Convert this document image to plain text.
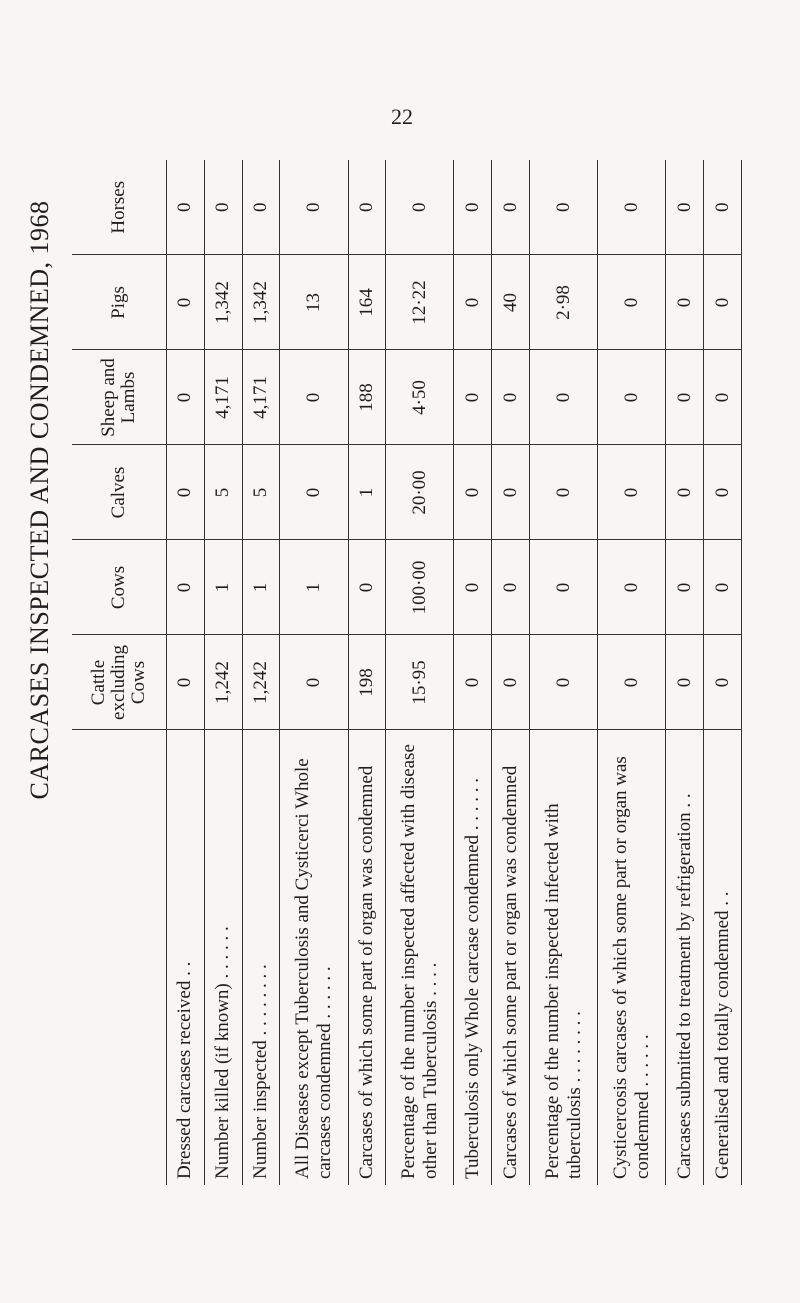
22
CARCASES INSPECTED AND CONDEMNED, 1968
		Cattle excluding Cows	Cows	Calves	Sheep and Lambs	Pigs	Horses
Dressed carcases received . .	0	0	0	0	0	0
Number killed (if known) . . . . . .	1,242	1	5	4,171	1,342	0
Number inspected . . . . . . . .	1,242	1	5	4,171	1,342	0
All Diseases except Tuberculosis and Cysticerci Whole carcases condemned . . . . . .	0	1	0	0	13	0
Carcases of which some part of organ was condemned	198	0	1	188	164	0
Percentage of the number inspected affected with disease other than Tuberculosis . . . .	15·95	100·00	20·00	4·50	12·22	0
Tuberculosis only Whole carcase condemned . . . . . .	0	0	0	0	0	0
Carcases of which some part or organ was condemned	0	0	0	0	40	0
Percentage of the number inspected infected with tuberculosis . . . . . . . .	0	0	0	0	2·98	0
Cysticercosis carcases of which some part or organ was condemned . . . . . .	0	0	0	0	0	0
Carcases submitted to treatment by refrigeration . .	0	0	0	0	0	0
Generalised and totally condemned . .	0	0	0	0	0	0
